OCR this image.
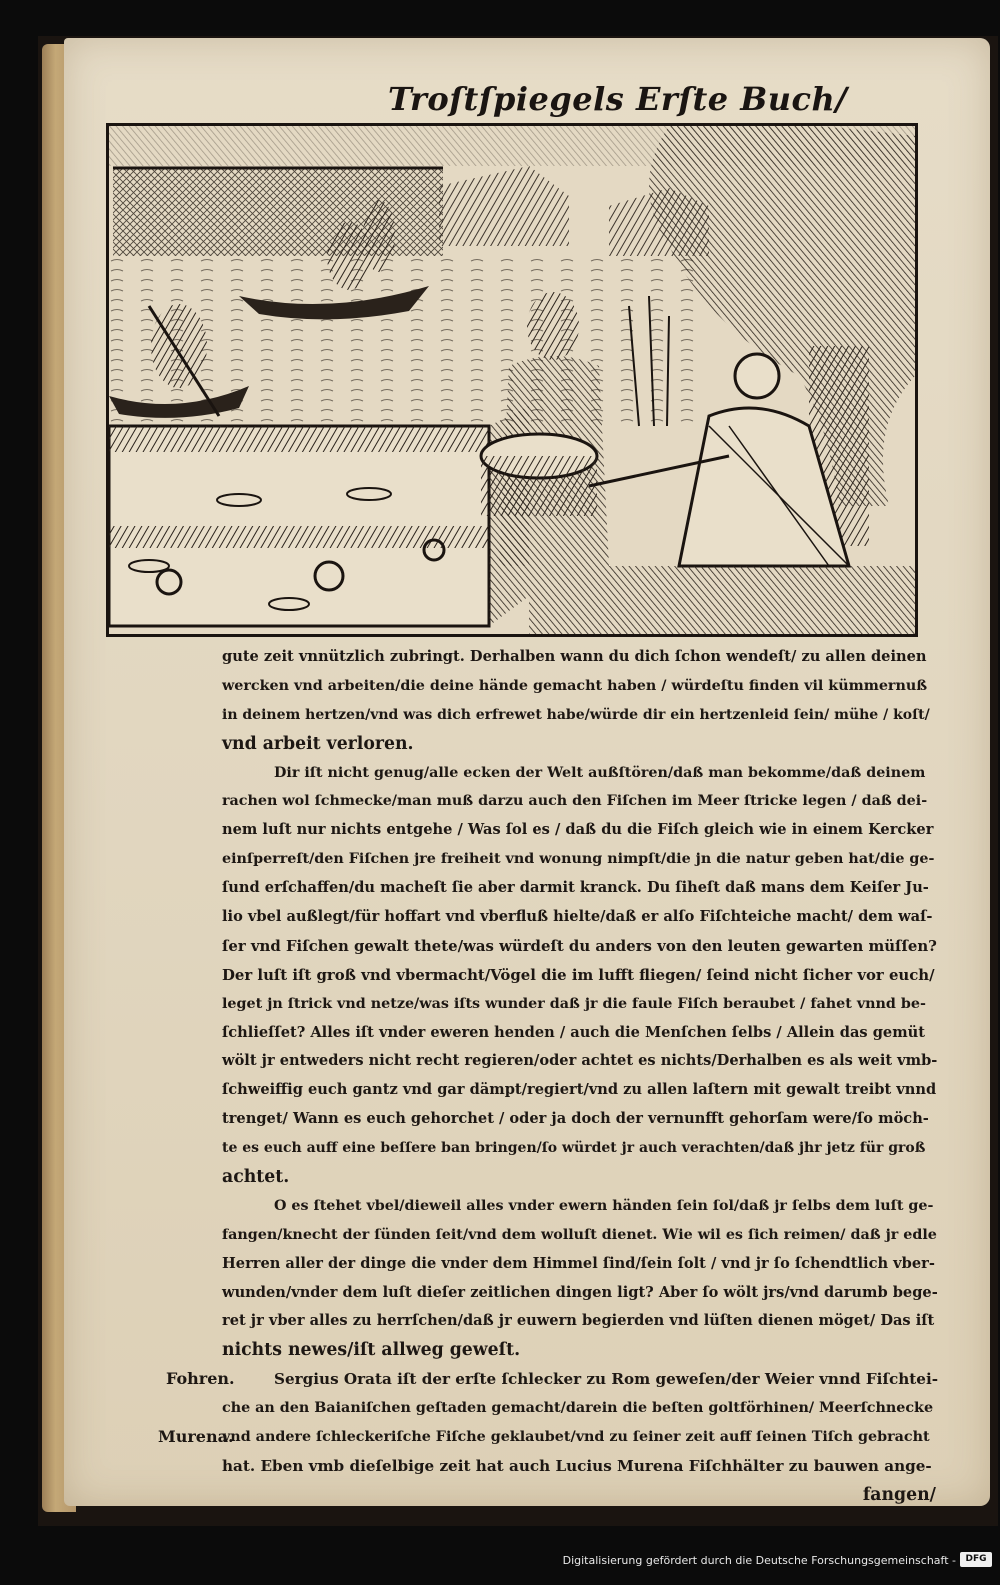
Troſtſpiegels Erſte Buch/
gute zeit vnnützlich zubringt. Derhalben wann du dich ſchon wendeſt/ zu allen deinen
wercken vnd arbeiten/die deine hände gemacht haben / würdeſtu finden vil kümmernuß
in deinem hertzen/vnd was dich erfrewet habe/würde dir ein hertzenleid ſein/ mühe / koſt/
vnd arbeit verloren.
Dir iſt nicht genug/alle ecken der Welt außſtören/daß man bekomme/daß deinem
rachen wol ſchmecke/man muß darzu auch den Fiſchen im Meer ſtricke legen / daß dei-
nem luſt nur nichts entgehe / Was ſol es / daß du die Fiſch gleich wie in einem Kercker
einſperreſt/den Fiſchen jre freiheit vnd wonung nimpſt/die jn die natur geben hat/die ge-
ſund erſchaffen/du macheſt ſie aber darmit kranck. Du ſiheſt daß mans dem Keiſer Ju-
lio vbel außlegt/für hoffart vnd vberfluß hielte/daß er alſo Fiſchteiche macht/ dem waſ-
ſer vnd Fiſchen gewalt thete/was würdeſt du anders von den leuten gewarten müſſen?
Der luſt iſt groß vnd vbermacht/Vögel die im lufft fliegen/ ſeind nicht ſicher vor euch/
leget jn ſtrick vnd netze/was iſts wunder daß jr die faule Fiſch beraubet / fahet vnnd be-
ſchlieſſet? Alles iſt vnder eweren henden / auch die Menſchen ſelbs / Allein das gemüt
wölt jr entweders nicht recht regieren/oder achtet es nichts/Derhalben es als weit vmb-
ſchweiffig euch gantz vnd gar dämpt/regiert/vnd zu allen laſtern mit gewalt treibt vnnd
trenget/ Wann es euch gehorchet / oder ja doch der vernunfft gehorſam were/ſo möch-
te es euch auff eine beſſere ban bringen/ſo würdet jr auch verachten/daß jhr jetz für groß
achtet.
O es ſtehet vbel/dieweil alles vnder ewern händen ſein ſol/daß jr ſelbs dem luſt ge-
fangen/knecht der ſünden ſeit/vnd dem wolluſt dienet. Wie wil es ſich reimen/ daß jr edle
Herren aller der dinge die vnder dem Himmel ſind/ſein ſolt / vnd jr ſo ſchendtlich vber-
wunden/vnder dem luſt dieſer zeitlichen dingen ligt? Aber ſo wölt jrs/vnd darumb bege-
ret jr vber alles zu herrſchen/daß jr euwern begierden vnd lüſten dienen möget/ Das iſt
nichts newes/iſt allweg geweſt.
Sergius Orata iſt der erſte ſchlecker zu Rom geweſen/der Weier vnnd Fiſchtei-
che an den Baianiſchen geſtaden gemacht/darein die beſten goltförhinen/ Meerſchnecke
vnd andere ſchleckeriſche Fiſche geklaubet/vnd zu ſeiner zeit auff ſeinen Tiſch gebracht
hat. Eben vmb dieſelbige zeit hat auch Lucius Murena Fiſchhälter zu bauwen ange-
fangen/
Fohren.
Murena.
Digitalisierung gefördert durch die Deutsche Forschungsgemeinschaft -	DFG
